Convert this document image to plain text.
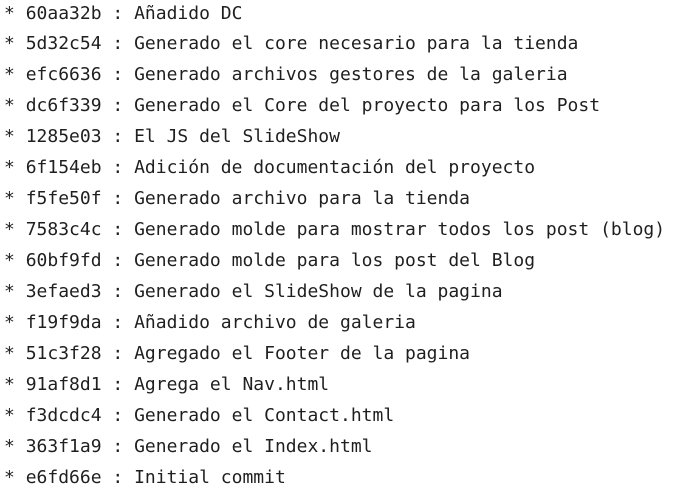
* 60aa32b : Añadido DC
* 5d32c54 : Generado el core necesario para la tienda
* efc6636 : Generado archivos gestores de la galeria
* dc6f339 : Generado el Core del proyecto para los Post
* 1285e03 : El JS del SlideShow
* 6f154eb : Adición de documentación del proyecto
* f5fe50f : Generado archivo para la tienda
* 7583c4c : Generado molde para mostrar todos los post (blog)
* 60bf9fd : Generado molde para los post del Blog
* 3efaed3 : Generado el SlideShow de la pagina
* f19f9da : Añadido archivo de galeria
* 51c3f28 : Agregado el Footer de la pagina
* 91af8d1 : Agrega el Nav.html
* f3dcdc4 : Generado el Contact.html
* 363f1a9 : Generado el Index.html
* e6fd66e : Initial commit
